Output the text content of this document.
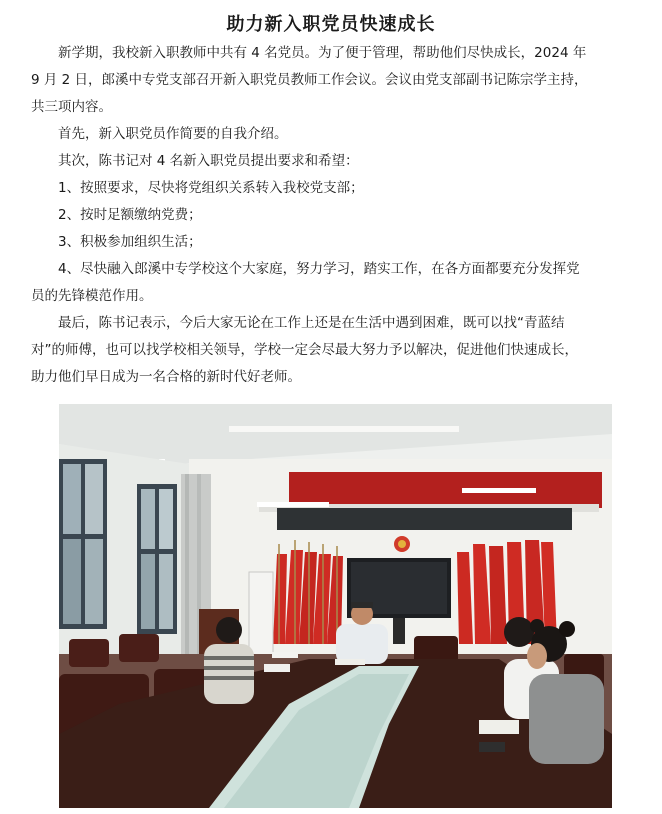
助力新入职党员快速成长

新学期，我校新入职教师中共有 4 名党员。为了便于管理，帮助他们尽快成长，2024 年 9 月 2 日，郎溪中专党支部召开新入职党员教师工作会议。会议由党支部副书记陈宗学主持，共三项内容。

首先，新入职党员作简要的自我介绍。

其次，陈书记对 4 名新入职党员提出要求和希望：

1、按照要求，尽快将党组织关系转入我校党支部；

2、按时足额缴纳党费；

3、积极参加组织生活；

4、尽快融入郎溪中专学校这个大家庭，努力学习，踏实工作，在各方面都要充分发挥党员的先锋模范作用。

最后，陈书记表示，今后大家无论在工作上还是在生活中遇到困难，既可以找“青蓝结对”的师傅，也可以找学校相关领导，学校一定会尽最大努力予以解决，促进他们快速成长，助力他们早日成为一名合格的新时代好老师。
